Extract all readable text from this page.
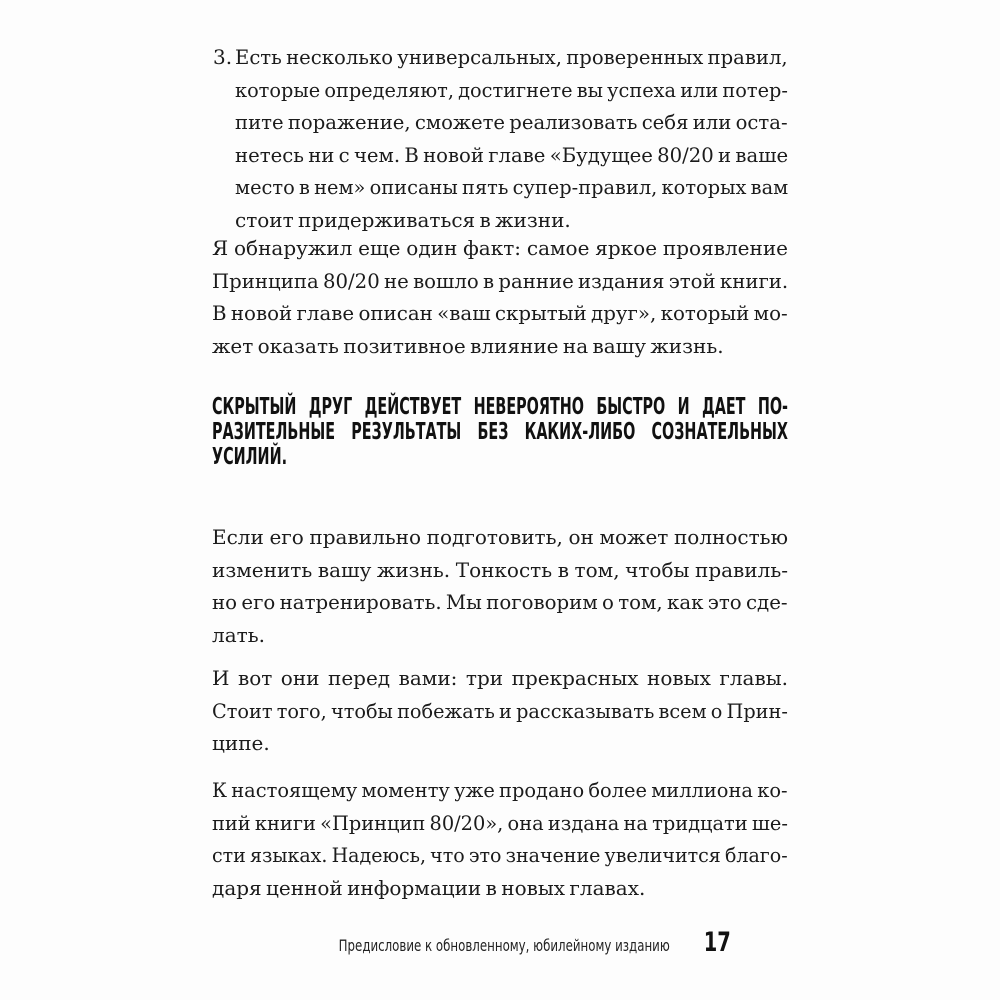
3. Есть несколько универсальных, проверенных правил,
которые определяют, достигнете вы успеха или потер-
пите поражение, сможете реализовать себя или оста-
нетесь ни с чем. В новой главе «Будущее 80/20 и ваше
место в нем» описаны пять супер-правил, которых вам
стоит придерживаться в жизни.
Я обнаружил еще один факт: самое яркое проявление
Принципа 80/20 не вошло в ранние издания этой книги.
В новой главе описан «ваш скрытый друг», который мо-
жет оказать позитивное влияние на вашу жизнь.
СКРЫТЫЙ ДРУГ ДЕЙСТВУЕТ НЕВЕРОЯТНО БЫСТРО И ДАЕТ ПО-
РАЗИТЕЛЬНЫЕ РЕЗУЛЬТАТЫ БЕЗ КАКИХ-ЛИБО СОЗНАТЕЛЬНЫХ
УСИЛИЙ.
Если его правильно подготовить, он может полностью
изменить вашу жизнь. Тонкость в том, чтобы правиль-
но его натренировать. Мы поговорим о том, как это сде-
лать.
И вот они перед вами: три прекрасных новых главы.
Стоит того, чтобы побежать и рассказывать всем о Прин-
ципе.
К настоящему моменту уже продано более миллиона ко-
пий книги «Принцип 80/20», она издана на тридцати ше-
сти языках. Надеюсь, что это значение увеличится благо-
даря ценной информации в новых главах.
Предисловие к обновленному, юбилейному изданию 17
